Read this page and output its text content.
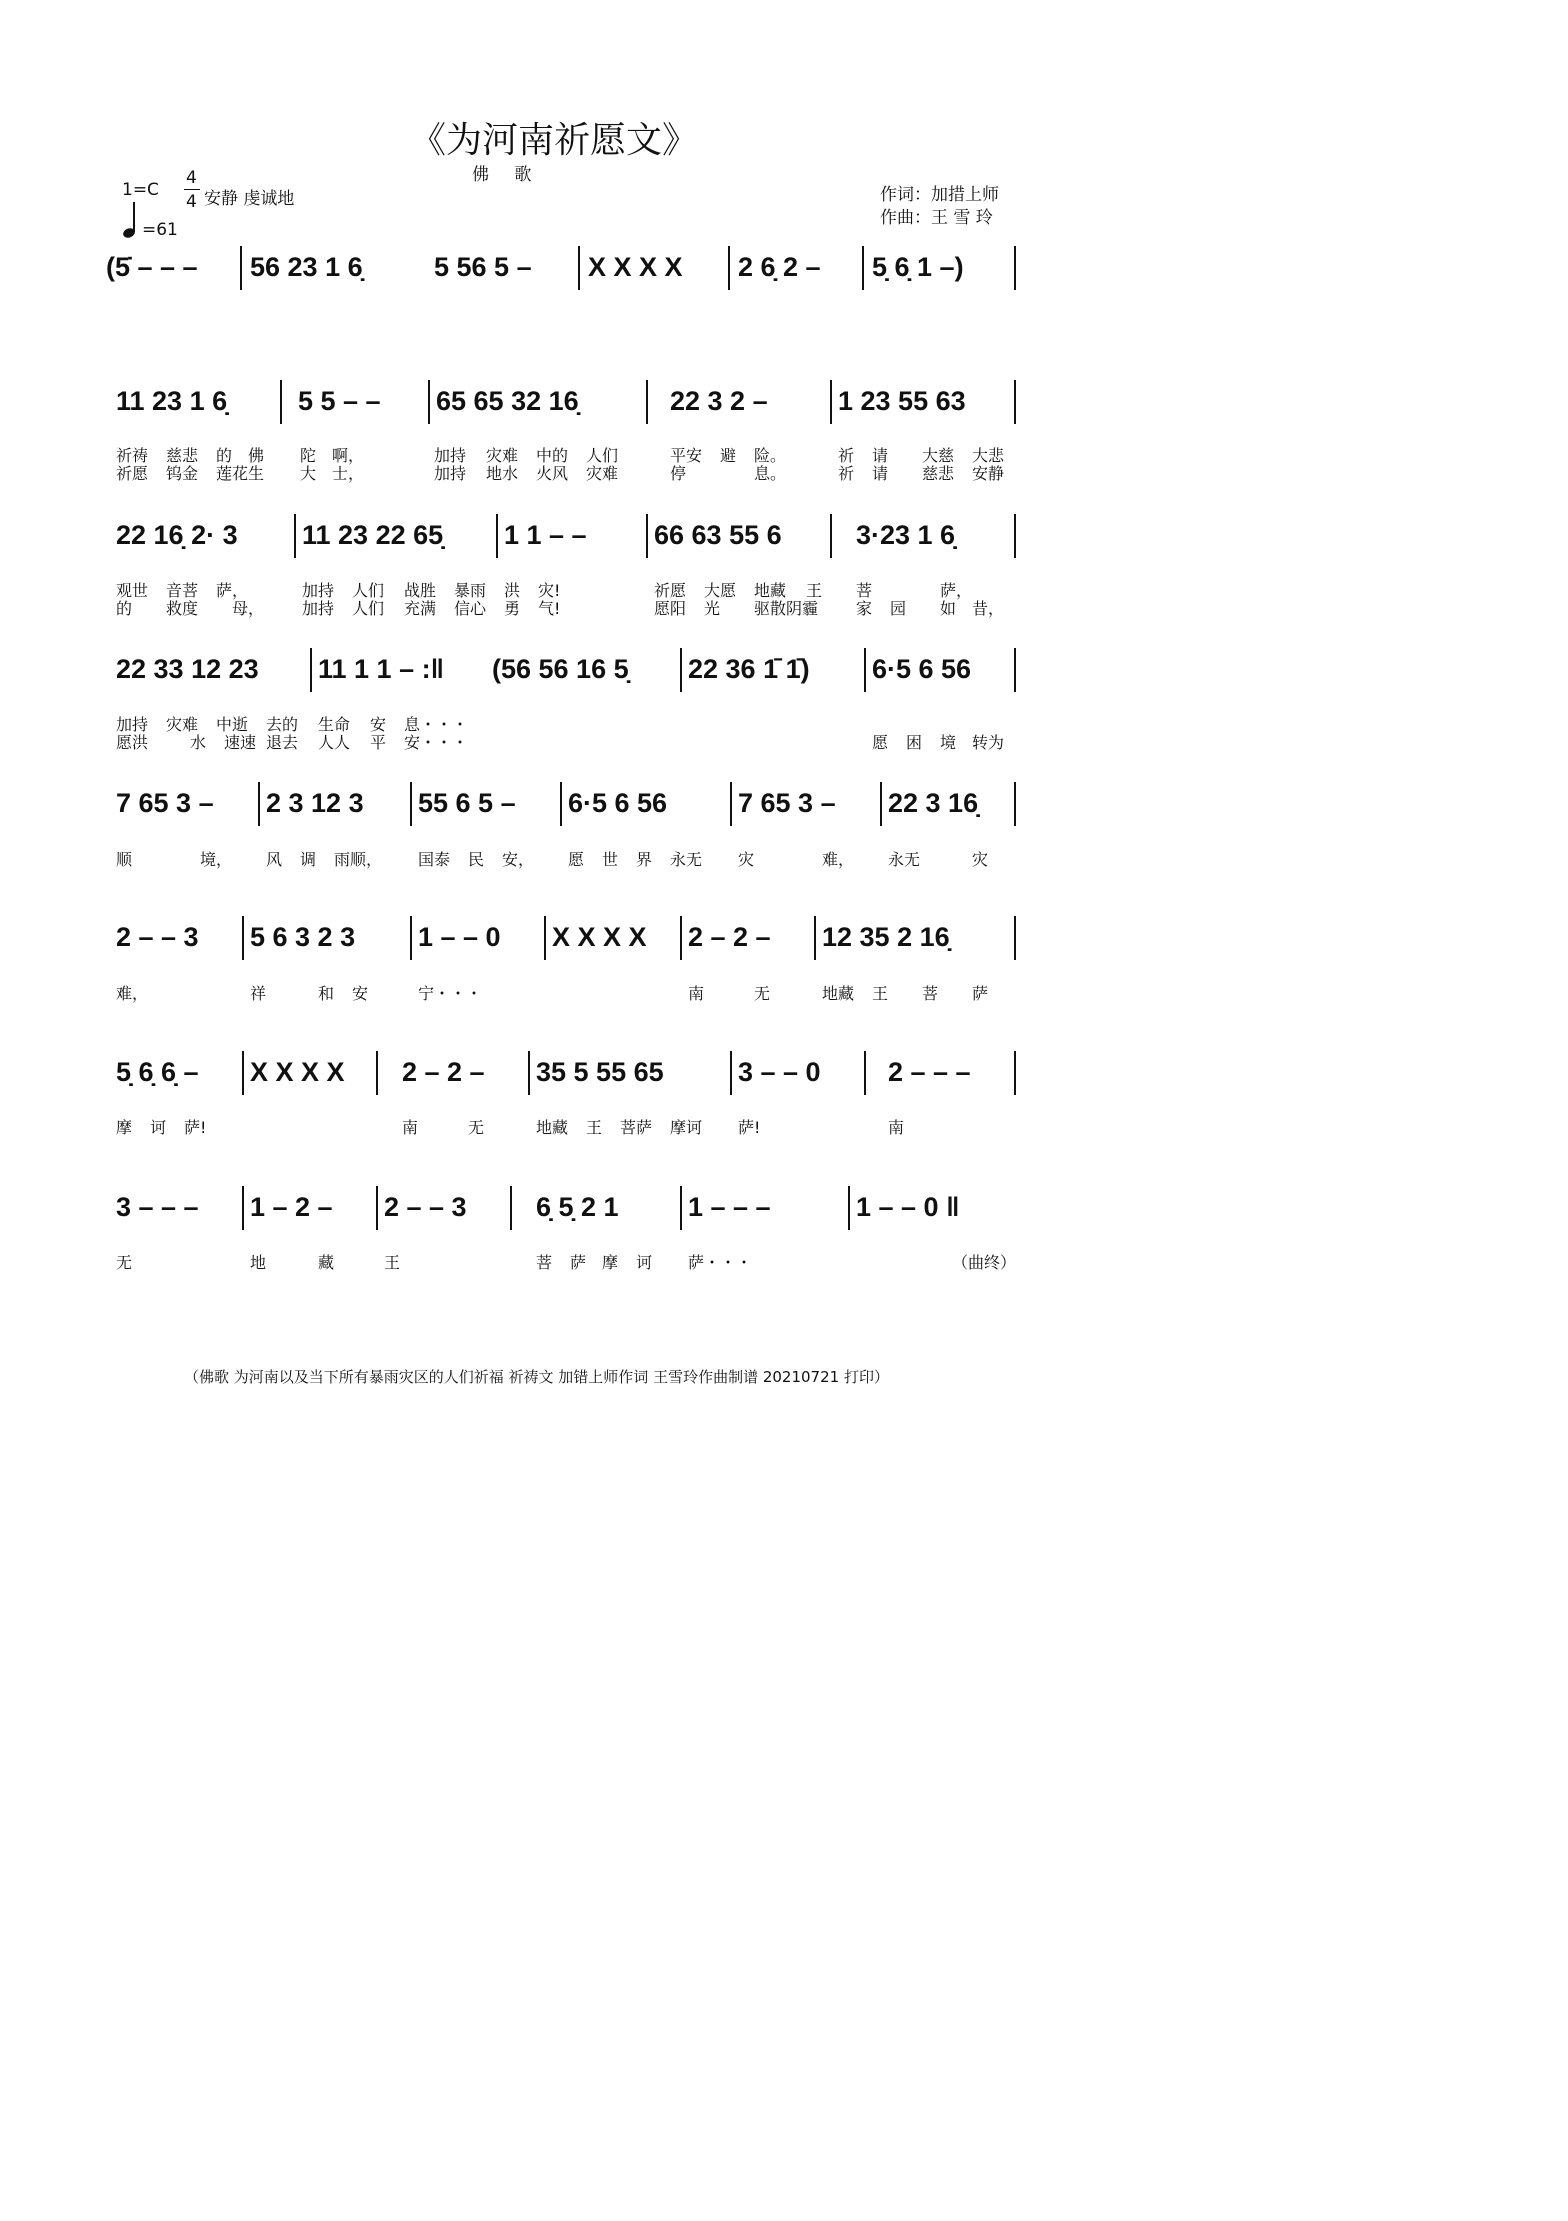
《为河南祈愿文》
佛 歌
1=C
4
4 安静 虔诚地
=61
作词：加措上师
作曲：王 雪 玲
(5̇ – – – 56 23 1 6̣	5 56 5 – X X X X 2 6̣ 2 – 5̣ 6̣ 1 –)
11 23 1 6̣	5 5 – – 65 65 32 16̣	22 3 2 –	1 23 55 63
祈祷 慈悲 的 佛 陀 啊，	加持 灾难 中的 人们	平安 避 险。	祈 请 大慈 大悲
祈愿 钨金 莲花生 大 士，	加持 地水 火风 灾难	停	息。	祈 请 慈悲 安静
22 16̣ 2· 3 11 23 22 65̣ 1 1 – – 66 63 55 6	3·23 1 6̣
观世 音菩 萨，	加持 人们 战胜 暴雨 洪 灾!	祈愿 大愿 地藏 王 菩	萨，
的 救度 母， 加持 人们 充满 信心 勇 气!	愿阳 光 驱散阴霾 家 园 如 昔，
22 33 12 23 11 1 1 – :‖ (56 56 16 5̣ 22 36 1̄ 1̄) 6·5 6 56
加持 灾难 中逝 去的 生命 安 息・・・
愿洪	水 速速 退去 人人 平 安・・・	愿 困 境 转为
7 65 3 – 2 3 12 3 55 6 5 – 6·5 6 56	7 65 3 – 22 3 16̣
顺	境， 风 调 雨顺， 国泰 民 安， 愿 世 界 永无 灾	难， 永无	灾
2 – – 3 5 6 3 2 3 1 – – 0 X X X X 2 – 2 – 12 35 2 16̣
难，	祥	和 安	宁・・・	南	无	地藏 王 菩 萨
5̣ 6̣ 6̣ – X X X X 2 – 2 – 35 5 55 65	3 – – 0 2 – – –
摩 诃 萨!	南	无	地藏 王 菩萨 摩诃 萨!	南
3 – – – 1 – 2 – 2 – – 3	6̣ 5̣ 2 1	1 – – –	1 – – 0 ‖
无	地	藏	王	菩 萨 摩 诃 萨・・・	（曲终）
（佛歌 为河南以及当下所有暴雨灾区的人们祈福 祈祷文 加错上师作词 王雪玲作曲制谱 20210721 打印）
